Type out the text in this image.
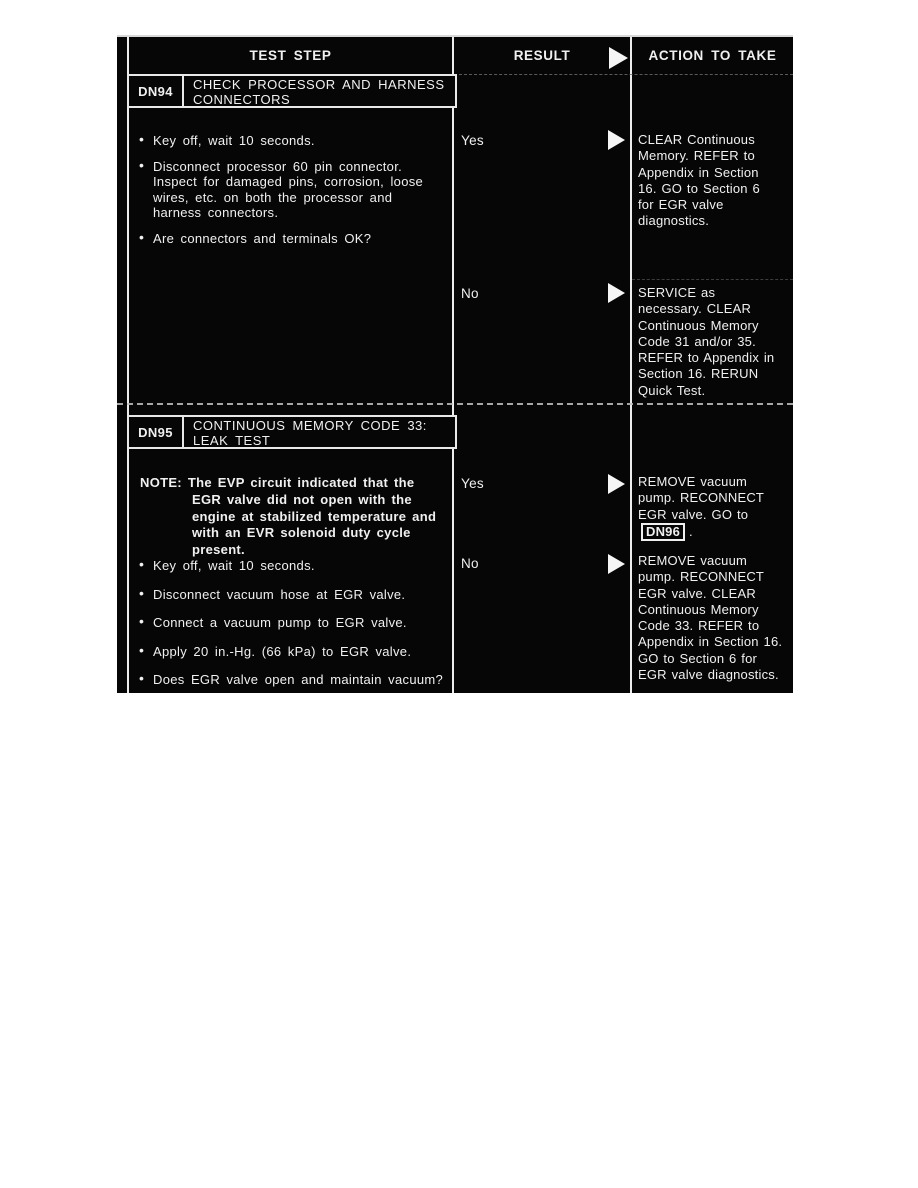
TEST STEP	RESULT	ACTION TO TAKE
DN94	CHECK PROCESSOR AND HARNESS CONNECTORS
• Key off, wait 10 seconds.
• Disconnect processor 60 pin connector. Inspect for damaged pins, corrosion, loose wires, etc. on both the processor and harness connectors.
• Are connectors and terminals OK?
Yes	CLEAR Continuous Memory. REFER to Appendix in Section 16. GO to Section 6 for EGR valve diagnostics.
No	SERVICE as necessary. CLEAR Continuous Memory Code 31 and/or 35. REFER to Appendix in Section 16. RERUN Quick Test.
DN95	CONTINUOUS MEMORY CODE 33: LEAK TEST

NOTE: The EVP circuit indicated that the EGR valve did not open with the engine at stabilized temperature and with an EVR solenoid duty cycle present.

• Key off, wait 10 seconds.
• Disconnect vacuum hose at EGR valve.
• Connect a vacuum pump to EGR valve.
• Apply 20 in.-Hg. (66 kPa) to EGR valve.
• Does EGR valve open and maintain vacuum?
Yes	REMOVE vacuum pump. RECONNECT EGR valve. GO toDN96 .
No	REMOVE vacuum pump. RECONNECT EGR valve. CLEAR Continuous Memory Code 33. REFER to Appendix in Section 16. GO to Section 6 for EGR valve diagnostics.
